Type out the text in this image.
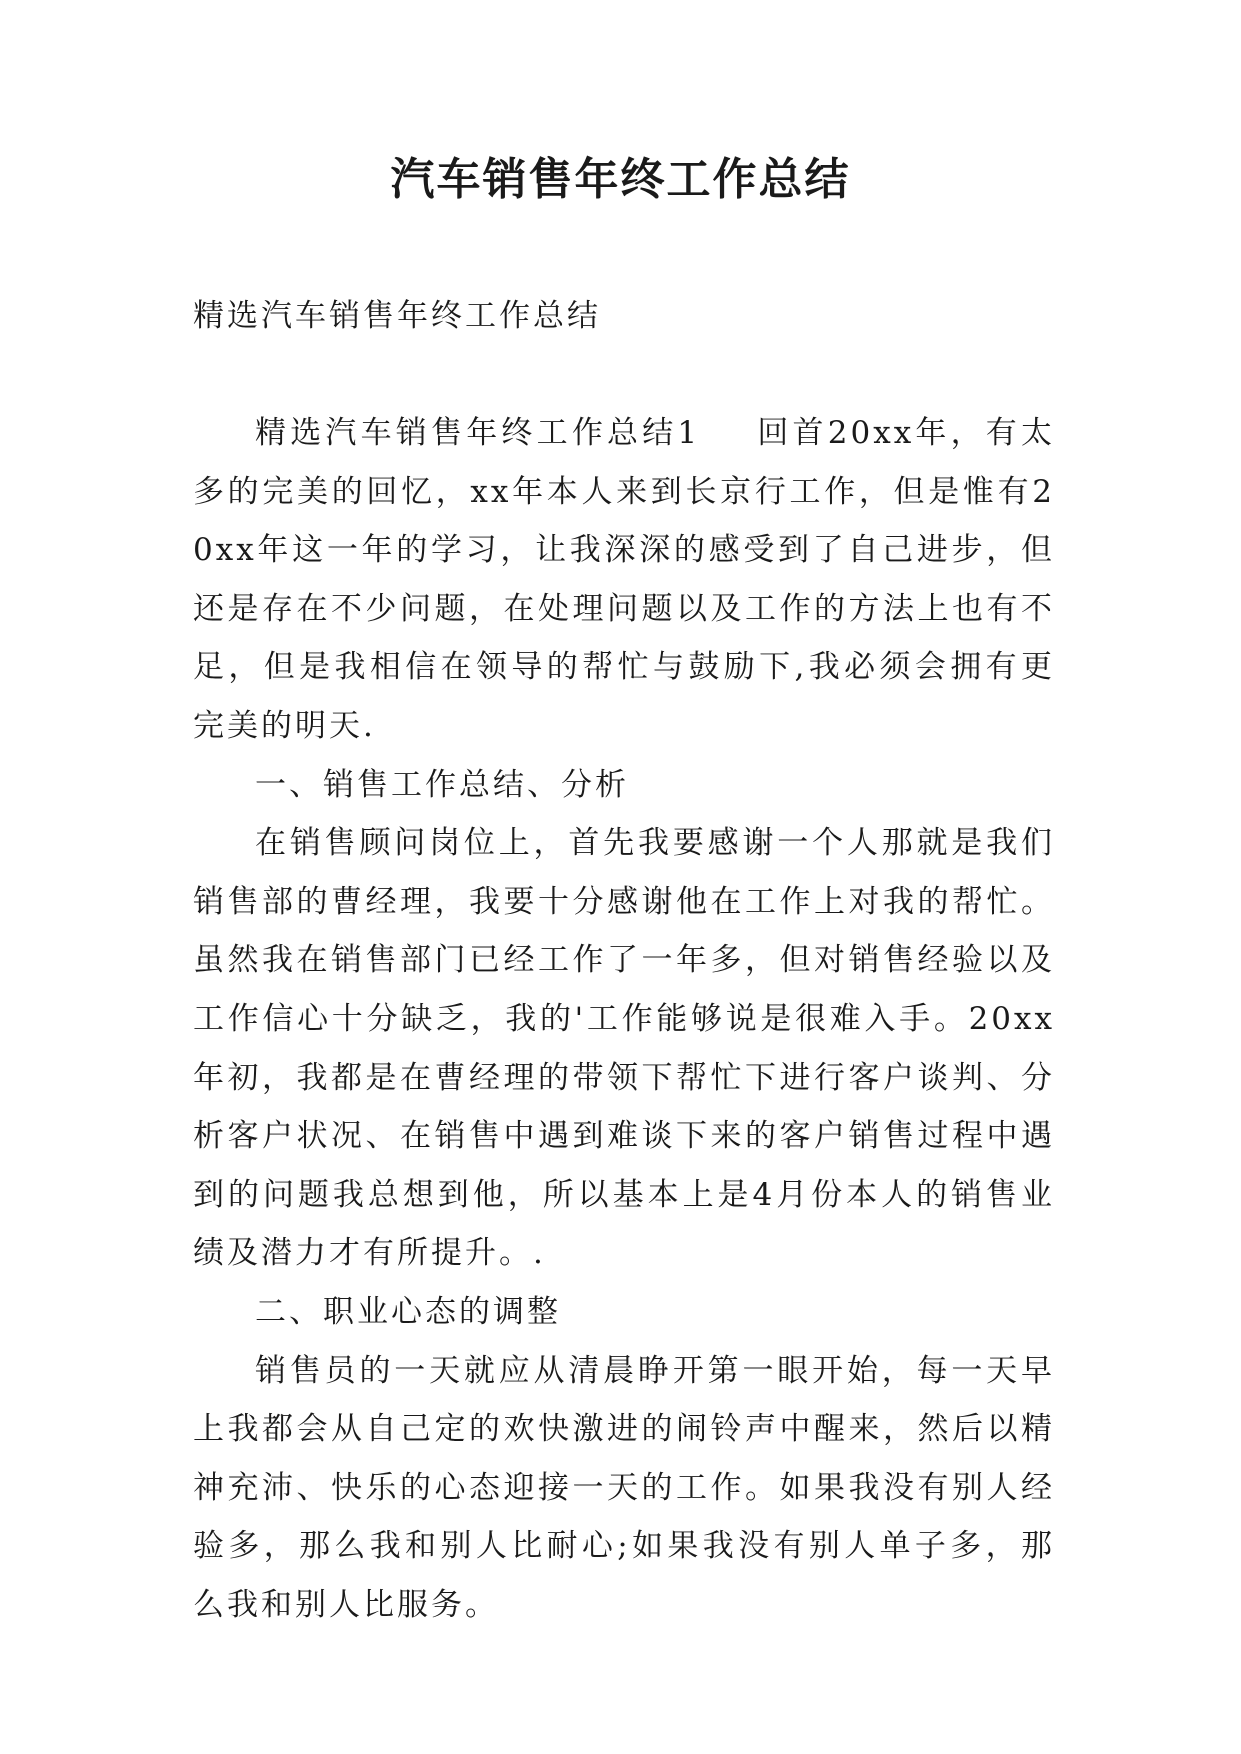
汽车销售年终工作总结

精选汽车销售年终工作总结

精选汽车销售年终工作总结1 回首20xx年，有太多的完美的回忆，xx年本人来到长京行工作，但是惟有20xx年这一年的学习，让我深深的感受到了自己进步，但还是存在不少问题，在处理问题以及工作的方法上也有不足，但是我相信在领导的帮忙与鼓励下,我必须会拥有更完美的明天.

一、销售工作总结、分析

在销售顾问岗位上，首先我要感谢一个人那就是我们销售部的曹经理，我要十分感谢他在工作上对我的帮忙。虽然我在销售部门已经工作了一年多，但对销售经验以及工作信心十分缺乏，我的'工作能够说是很难入手。20xx年初，我都是在曹经理的带领下帮忙下进行客户谈判、分析客户状况、在销售中遇到难谈下来的客户销售过程中遇到的问题我总想到他，所以基本上是4月份本人的销售业绩及潜力才有所提升。.

二、职业心态的调整

销售员的一天就应从清晨睁开第一眼开始，每一天早上我都会从自己定的欢快激进的闹铃声中醒来，然后以精神充沛、快乐的心态迎接一天的工作。如果我没有别人经验多，那么我和别人比耐心;如果我没有别人单子多，那么我和别人比服务。
